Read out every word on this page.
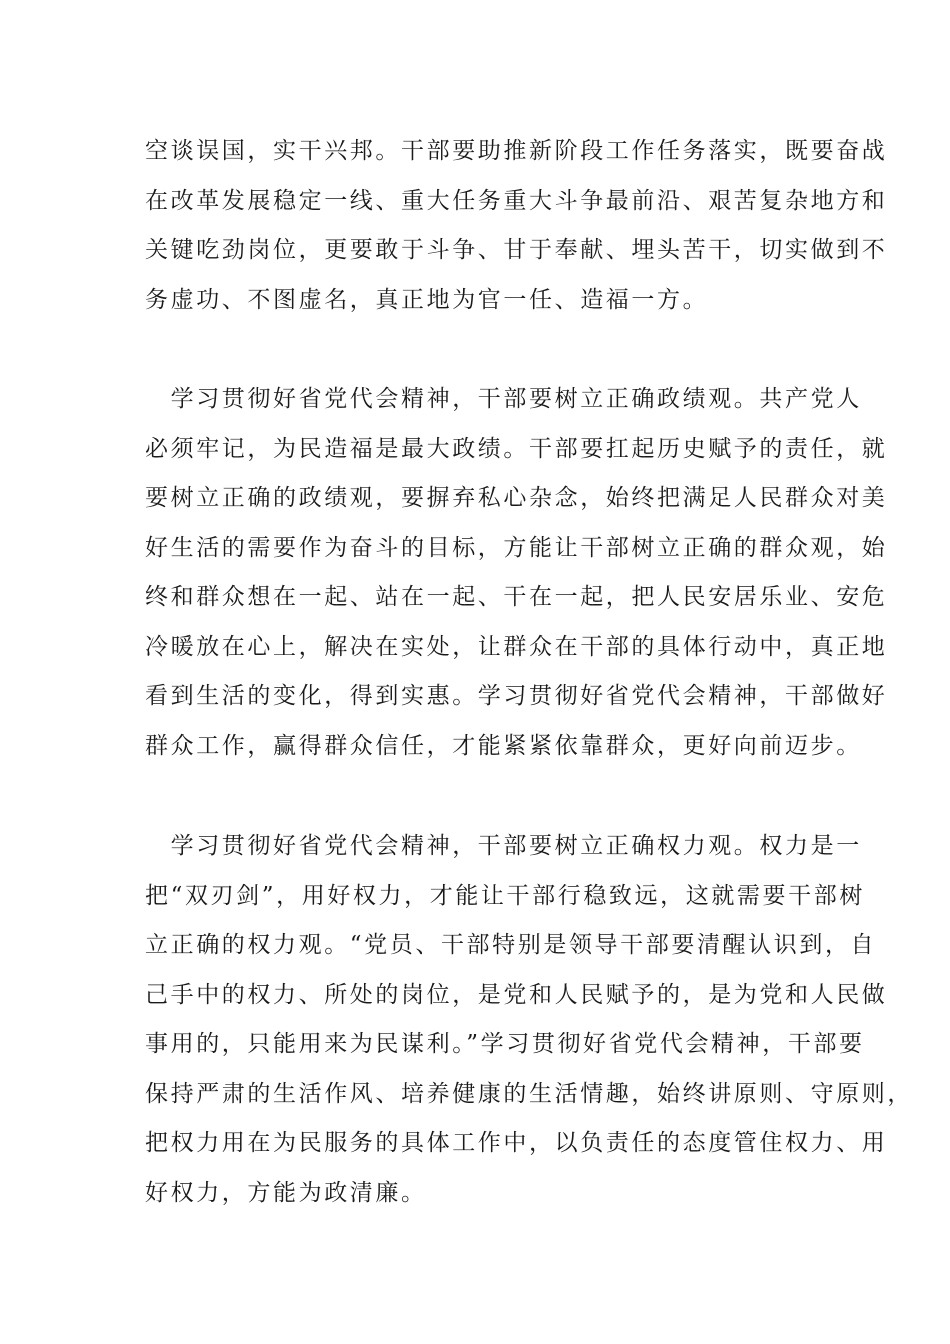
空谈误国，实干兴邦。干部要助推新阶段工作任务落实，既要奋战
在改革发展稳定一线、重大任务重大斗争最前沿、艰苦复杂地方和
关键吃劲岗位，更要敢于斗争、甘于奉献、埋头苦干，切实做到不
务虚功、不图虚名，真正地为官一任、造福一方。
　学习贯彻好省党代会精神，干部要树立正确政绩观。共产党人
必须牢记，为民造福是最大政绩。干部要扛起历史赋予的责任，就
要树立正确的政绩观，要摒弃私心杂念，始终把满足人民群众对美
好生活的需要作为奋斗的目标，方能让干部树立正确的群众观，始
终和群众想在一起、站在一起、干在一起，把人民安居乐业、安危
冷暖放在心上，解决在实处，让群众在干部的具体行动中，真正地
看到生活的变化，得到实惠。学习贯彻好省党代会精神，干部做好
群众工作，赢得群众信任，才能紧紧依靠群众，更好向前迈步。
　学习贯彻好省党代会精神，干部要树立正确权力观。权力是一
把“双刃剑”，用好权力，才能让干部行稳致远，这就需要干部树
立正确的权力观。“党员、干部特别是领导干部要清醒认识到，自
己手中的权力、所处的岗位，是党和人民赋予的，是为党和人民做
事用的，只能用来为民谋利。”学习贯彻好省党代会精神，干部要
保持严肃的生活作风、培养健康的生活情趣，始终讲原则、守原则，
把权力用在为民服务的具体工作中，以负责任的态度管住权力、用
好权力，方能为政清廉。
